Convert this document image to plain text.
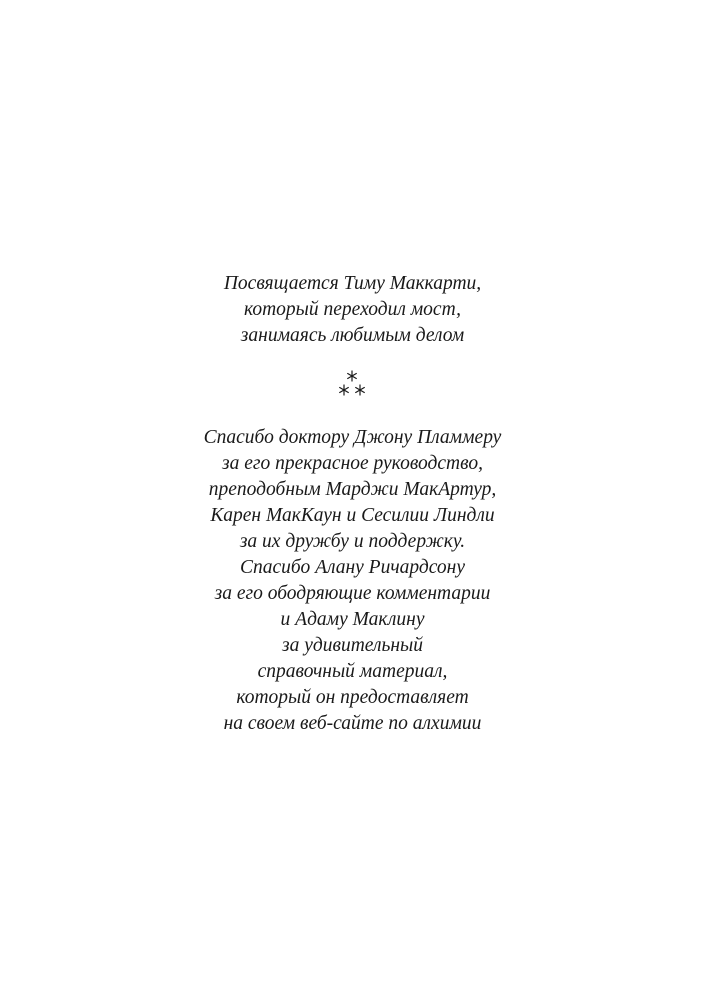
Посвящается Тиму Маккарти,
который переходил мост,
занимаясь любимым делом
Спасибо доктору Джону Пламмеру
за его прекрасное руководство,
преподобным Марджи МакАртур,
Карен МакКаун и Сесилии Линдли
за их дружбу и поддержку.
Спасибо Алану Ричардсону
за его ободряющие комментарии
и Адаму Маклину
за удивительный
справочный материал,
который он предоставляет
на своем веб-сайте по алхимии
